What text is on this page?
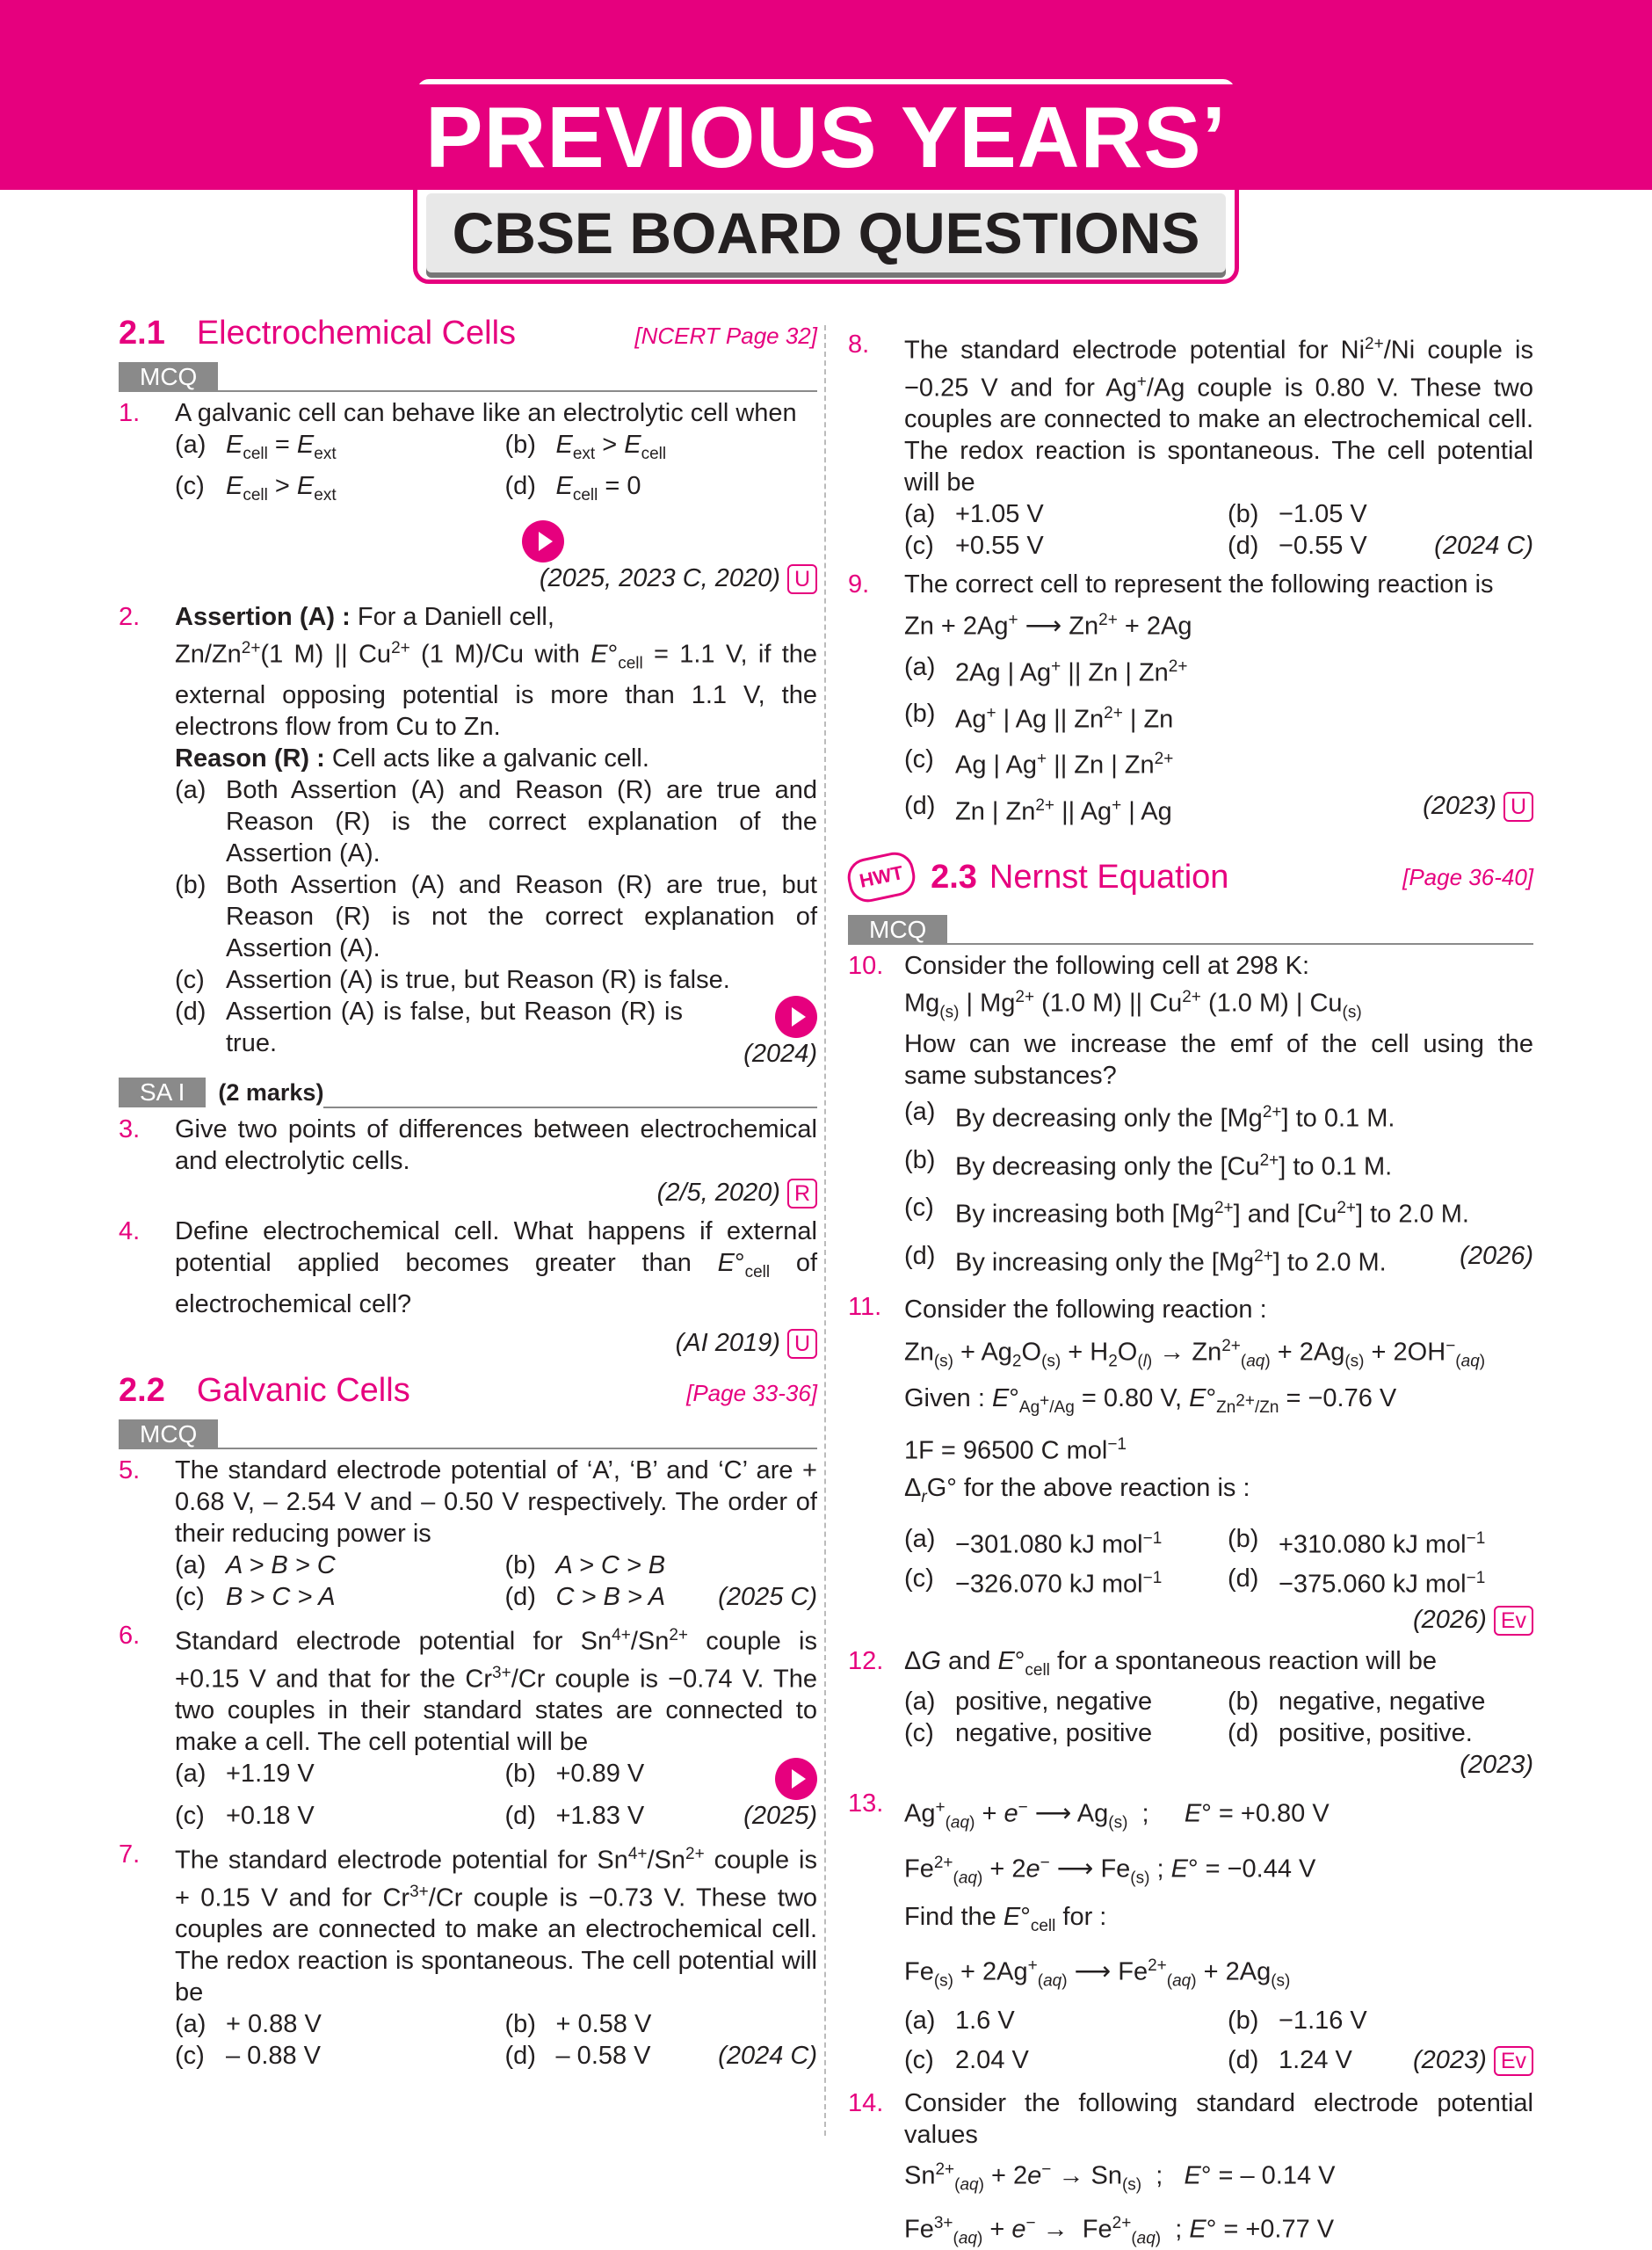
PREVIOUS YEARS’
CBSE BOARD QUESTIONS
2.1 Electrochemical Cells	[NCERT Page 32]
MCQ
1.	A galvanic cell can behave like an electrolytic cell when
(a) $E_{cell} = E_{ext}$	(b) $E_{ext} > E_{cell}$
(c) $E_{cell} > E_{ext}$	(d) $E_{cell} = 0$
(2025, 2023 C, 2020) U
2.	Assertion (A) : For a Daniell cell,
$Zn/Zn^{2+}(1$ M) || $Cu^{2+}$ (1 M)/Cu with $E^\circ_{cell} = 1.1$ V, if the external opposing potential is more than 1.1 V, the electrons flow from Cu to Zn.
Reason (R) : Cell acts like a galvanic cell.
(a) Both Assertion (A) and Reason (R) are true and Reason (R) is the correct explanation of the Assertion (A).
(b) Both Assertion (A) and Reason (R) are true, but Reason (R) is not the correct explanation of Assertion (A).
(c) Assertion (A) is true, but Reason (R) is false.
(d) Assertion (A) is false, but Reason (R) is true.	(2024)
SA I	(2 marks)
3.	Give two points of differences between electrochemical and electrolytic cells.
(2/5, 2020) R
4.	Define electrochemical cell. What happens if external potential applied becomes greater than $E^\circ_{cell}$ of electrochemical cell?
(AI 2019) U
2.2 Galvanic Cells	[Page 33-36]
MCQ
5.	The standard electrode potential of ‘A’, ‘B’ and ‘C’ are + 0.68 V, – 2.54 V and – 0.50 V respectively. The order of their reducing power is
(a) A > B > C	(b) A > C > B
(c) B > C > A	(d) C > B > A	(2025 C)
6.	Standard electrode potential for $Sn^{4+}/Sn^{2+}$ couple is +0.15 V and that for the $Cr^{3+}/Cr$ couple is −0.74 V. The two couples in their standard states are connected to make a cell. The cell potential will be
(a) +1.19 V	(b) +0.89 V
(c) +0.18 V	(d) +1.83 V	(2025)
7.	The standard electrode potential for $Sn^{4+}/Sn^{2+}$ couple is + 0.15 V and for $Cr^{3+}/Cr$ couple is −0.73 V. These two couples are connected to make an electrochemical cell. The redox reaction is spontaneous. The cell potential will be
(a) + 0.88 V	(b) + 0.58 V
(c) – 0.88 V	(d) – 0.58 V	(2024 C)
8.	The standard electrode potential for $Ni^{2+}/Ni$ couple is −0.25 V and for Ag+/Ag couple is 0.80 V. These two couples are connected to make an electrochemical cell. The redox reaction is spontaneous. The cell potential will be
(a) +1.05 V	(b) −1.05 V
(c) +0.55 V	(d) −0.55 V	(2024 C)
9.	The correct cell to represent the following reaction is
Zn + 2Ag+ ⟶ $Zn^{2+} + 2Ag$
(a) 2Ag | Ag+ || Zn | $Zn^{2+}$
(b) Ag+ | Ag || $Zn^{2+}$ | Zn
(c) Ag | Ag+ || Zn | $Zn^{2+}$
(d) Zn | $Zn^{2+}$ || Ag+ | Ag	(2023) U
HWT 2.3 Nernst Equation	[Page 36-40]
MCQ
10. Consider the following cell at 298 K:
$Mg_{(s)}$ | $Mg^{2+}$ (1.0 M) || $Cu^{2+}$ (1.0 M) | $Cu_{(s)}$
How can we increase the emf of the cell using the same substances?
(a) By decreasing only the $[Mg^{2+}]$ to 0.1 M.
(b) By decreasing only the $[Cu^{2+}]$ to 0.1 M.
(c) By increasing both $[Mg^{2+}]$ and $[Cu^{2+}]$ to 2.0 M.
(d) By increasing only the $[Mg^{2+}]$ to 2.0 M.	(2026)
11. Consider the following reaction :
$Zn_{(s)} + Ag_2O_{(s)} + H_2O_{(l)} \to Zn^{2+}_{(aq)} + 2Ag_{(s)} + 2OH^-_{(aq)}$
Given : $E^\circ_{Ag^+/Ag} = 0.80$ V, $E^\circ_{Zn^{2+}/Zn} = -0.76$ V
1F = 96500 C mol$^{-1}$
$\Delta_rG^\circ$ for the above reaction is :
(a) −301.080 kJ mol$^{-1}$	(b) +310.080 kJ mol$^{-1}$
(c) −326.070 kJ mol$^{-1}$	(d) −375.060 kJ mol$^{-1}$
(2026) Ev
12. ΔG and $E^\circ_{cell}$ for a spontaneous reaction will be
(a) positive, negative	(b) negative, negative
(c) negative, positive	(d) positive, positive.
(2023)
13. $Ag^+_{(aq)} + e^-$ ⟶ $Ag_{(s)}$  ;     E° = +0.80 V
$Fe^{2+}_{(aq)} + 2e^-$ ⟶ $Fe_{(s)}$ ; E° = −0.44 V
Find the $E^\circ_{cell}$ for :
$Fe_{(s)} + 2Ag^+_{(aq)}$ ⟶ $Fe^{2+}_{(aq)} + 2Ag_{(s)}$
(a) 1.6 V	(b) −1.16 V
(c) 2.04 V	(d) 1.24 V	(2023) Ev
14. Consider the following standard electrode potential values
$Sn^{2+}_{(aq)} + 2e^- \to Sn_{(s)}$  ;   E° = – 0.14 V
$Fe^{3+}_{(aq)} + e^- \to Fe^{2+}_{(aq)}$  ; E° = +0.77 V
